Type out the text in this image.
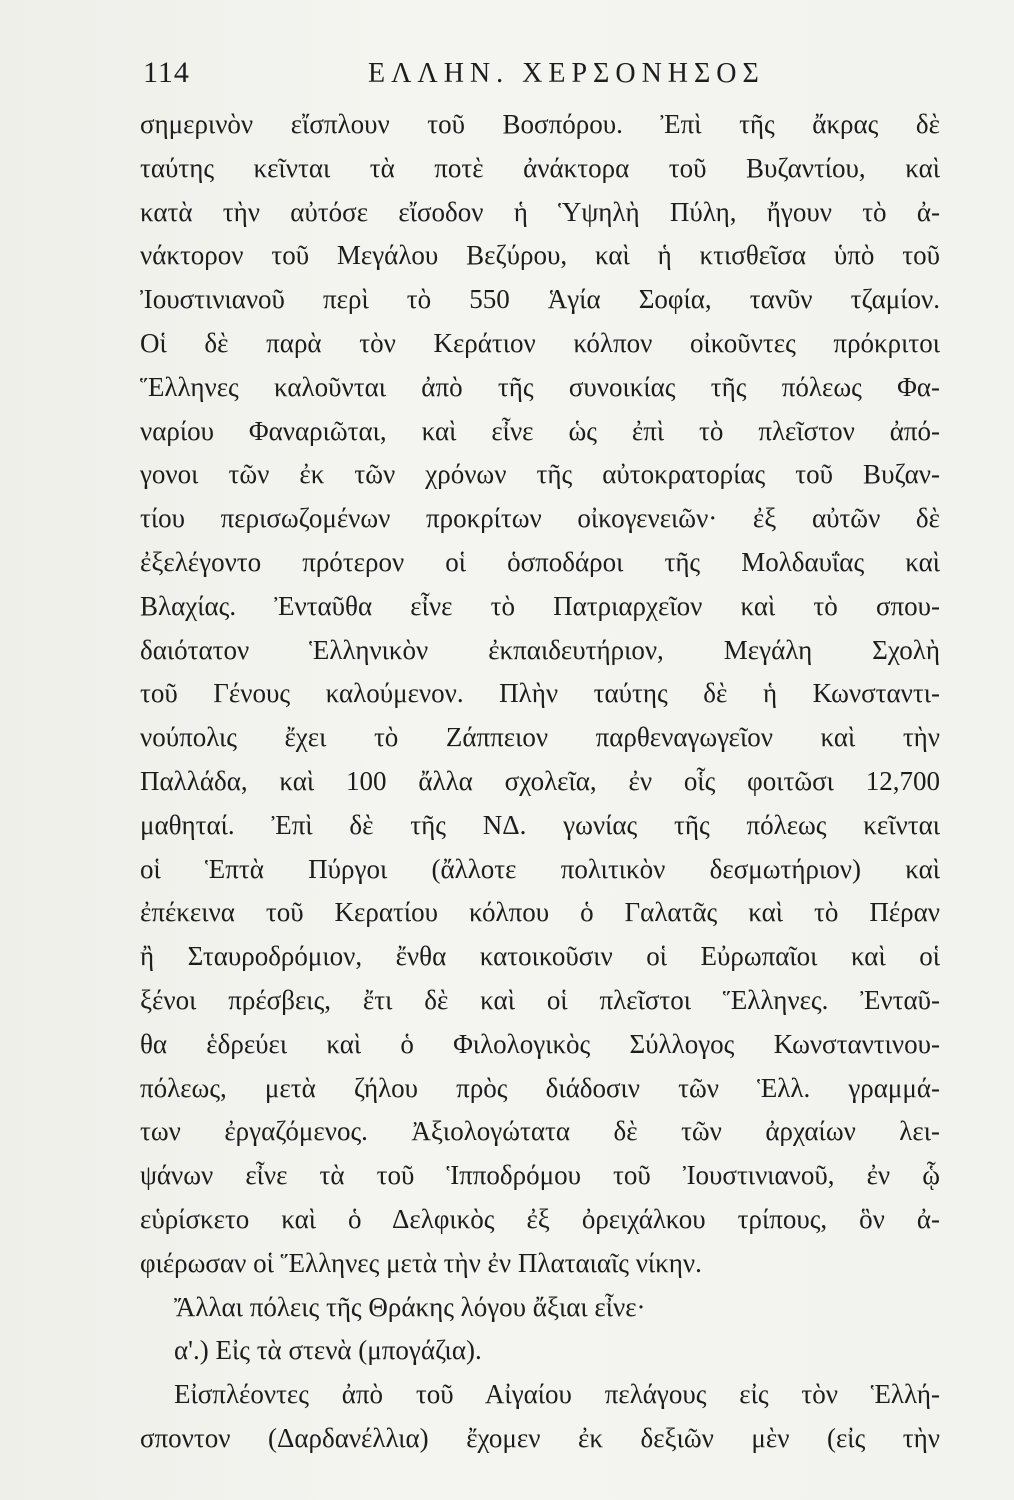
114	ΕΛΛΗΝ. ΧΕΡΣΟΝΗΣΟΣ
σημερινὸν εἴσπλουν τοῦ Βοσπόρου. Ἐπὶ τῆς ἄκρας δὲ
ταύτης κεῖνται τὰ ποτὲ ἀνάκτορα τοῦ Βυζαντίου, καὶ
κατὰ τὴν αὐτόσε εἴσοδον ἡ Ὑψηλὴ Πύλη, ἤγουν τὸ ἀ-
νάκτορον τοῦ Μεγάλου Βεζύρου, καὶ ἡ κτισθεῖσα ὑπὸ τοῦ
Ἰουστινιανοῦ περὶ τὸ 550 Ἁγία Σοφία, τανῦν τζαμίον.
Οἱ δὲ παρὰ τὸν Κεράτιον κόλπον οἰκοῦντες πρόκριτοι
Ἕλληνες καλοῦνται ἀπὸ τῆς συνοικίας τῆς πόλεως Φα-
ναρίου Φαναριῶται, καὶ εἶνε ὡς ἐπὶ τὸ πλεῖστον ἀπό-
γονοι τῶν ἐκ τῶν χρόνων τῆς αὐτοκρατορίας τοῦ Βυζαν-
τίου περισωζομένων προκρίτων οἰκογενειῶν· ἐξ αὐτῶν δὲ
ἐξελέγοντο πρότερον οἱ ὁσποδάροι τῆς Μολδαυΐας καὶ
Βλαχίας. Ἐνταῦθα εἶνε τὸ Πατριαρχεῖον καὶ τὸ σπου-
δαιότατον Ἑλληνικὸν ἐκπαιδευτήριον, Μεγάλη Σχολὴ
τοῦ Γένους καλούμενον. Πλὴν ταύτης δὲ ἡ Κωνσταντι-
νούπολις ἔχει τὸ Ζάππειον παρθεναγωγεῖον καὶ τὴν
Παλλάδα, καὶ 100 ἄλλα σχολεῖα, ἐν οἷς φοιτῶσι 12,700
μαθηταί. Ἐπὶ δὲ τῆς ΝΔ. γωνίας τῆς πόλεως κεῖνται
οἱ Ἑπτὰ Πύργοι (ἄλλοτε πολιτικὸν δεσμωτήριον) καὶ
ἐπέκεινα τοῦ Κερατίου κόλπου ὁ Γαλατᾶς καὶ τὸ Πέραν
ἢ Σταυροδρόμιον, ἔνθα κατοικοῦσιν οἱ Εὐρωπαῖοι καὶ οἱ
ξένοι πρέσβεις, ἔτι δὲ καὶ οἱ πλεῖστοι Ἕλληνες. Ἐνταῦ-
θα ἑδρεύει καὶ ὁ Φιλολογικὸς Σύλλογος Κωνσταντινου-
πόλεως, μετὰ ζήλου πρὸς διάδοσιν τῶν Ἑλλ. γραμμά-
των ἐργαζόμενος. Ἀξιολογώτατα δὲ τῶν ἀρχαίων λει-
ψάνων εἶνε τὰ τοῦ Ἱπποδρόμου τοῦ Ἰουστινιανοῦ, ἐν ᾧ
εὑρίσκετο καὶ ὁ Δελφικὸς ἐξ ὀρειχάλκου τρίπους, ὃν ἀ-
φιέρωσαν οἱ Ἕλληνες μετὰ τὴν ἐν Πλαταιαῖς νίκην.
Ἄλλαι πόλεις τῆς Θράκης λόγου ἄξιαι εἶνε·
α'.) Εἰς τὰ στενὰ (μπογάζια).
Εἰσπλέοντες ἀπὸ τοῦ Αἰγαίου πελάγους εἰς τὸν Ἑλλή-
σποντον (Δαρδανέλλια) ἔχομεν ἐκ δεξιῶν μὲν (εἰς τὴν
